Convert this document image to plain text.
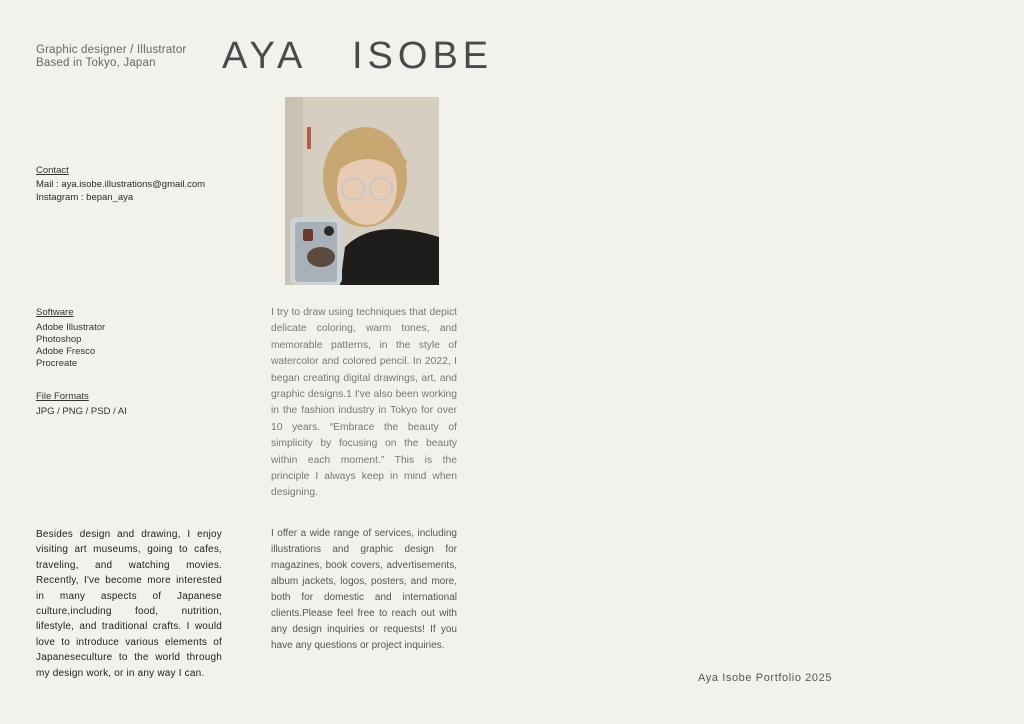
Graphic designer / Illustrator
Based in Tokyo, Japan	AYA ISOBE
Contact
Mail : aya.isobe.illustrations@gmail.com
Instagram : bepan_aya
Software
Adobe Illustrator
Photoshop
Adobe Fresco
Procreate
File Formats
JPG / PNG / PSD / AI
I try to draw using techniques that depict delicate coloring, warm tones, and memorable patterns, in the style of watercolor and colored pencil. In 2022, I began creating digital drawings, art, and graphic designs.1 I've also been working in the fashion industry in Tokyo for over 10 years. “Embrace the beauty of simplicity by focusing on the beauty within each moment.” This is the principle I always keep in mind when designing.
Besides design and drawing, I enjoy visiting art museums, going to cafes, traveling, and watching movies. Recently, I've become more interested in many aspects of Japanese culture,including food, nutrition, lifestyle, and traditional crafts. I would love to introduce various elements of Japaneseculture to the world through my design work, or in any way I can.
I offer a wide range of services, including illustrations and graphic design for magazines, book covers, advertisements, album jackets, logos, posters, and more, both for domestic and international clients.Please feel free to reach out with any design inquiries or requests! If you have any questions or project inquiries.
Aya Isobe Portfolio 2025
